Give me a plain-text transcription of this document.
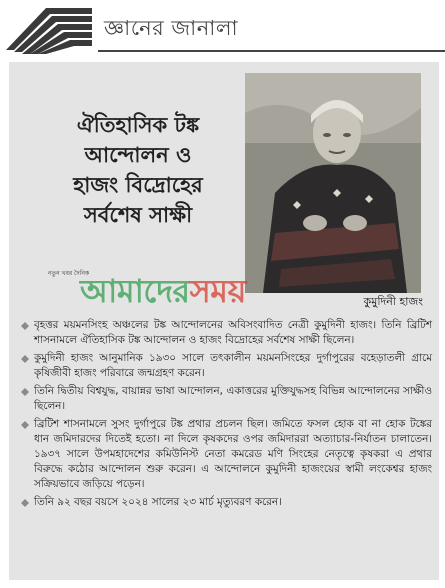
জ্ঞানের জানালা
কুমুদিনী হাজং
ঐতিহাসিক টঙ্ক
আন্দোলন ও
হাজং বিদ্রোহের
সর্বশেষ সাক্ষী
নতুন খবর দৈনিক
আমাদেরসময়
বৃহত্তর ময়মনসিংহ অঞ্চলের টঙ্ক আন্দোলনের অবিসংবাদিত নেত্রী কুমুদিনী হাজং। তিনি ব্রিটিশ শাসনামলে ঐতিহাসিক টঙ্ক আন্দোলন ও হাজং বিদ্রোহের সর্বশেষ সাক্ষী ছিলেন।
কুমুদিনী হাজং আনুমানিক ১৯৩০ সালে তৎকালীন ময়মনসিংহের দুর্গাপুরের বহেড়াতলী গ্রামে কৃষিজীবী হাজং পরিবারে জন্মগ্রহণ করেন।
তিনি দ্বিতীয় বিশ্বযুদ্ধ, বায়ান্নর ভাষা আন্দোলন, একাত্তরের মুক্তিযুদ্ধসহ বিভিন্ন আন্দোলনের সাক্ষীও ছিলেন।
ব্রিটিশ শাসনামলে সুসং দুর্গাপুরে টঙ্ক প্রথার প্রচলন ছিল। জমিতে ফসল হোক বা না হোক টঙ্কের ধান জমিদারদের দিতেই হতো। না দিলে কৃষকদের ওপর জমিদাররা অত্যাচার-নির্যাতন চালাতেন। ১৯৩৭ সালে উপমহাদেশের কমিউনিস্ট নেতা কমরেড মণি সিংহের নেতৃত্বে কৃষকরা এ প্রথার বিরুদ্ধে কঠোর আন্দোলন শুরু করেন। এ আন্দোলনে কুমুদিনী হাজংয়ের স্বামী লংকেশ্বর হাজং সক্রিয়ভাবে জড়িয়ে পড়েন।
তিনি ৯২ বছর বয়সে ২০২৪ সালের ২৩ মার্চ মৃত্যুবরণ করেন।
